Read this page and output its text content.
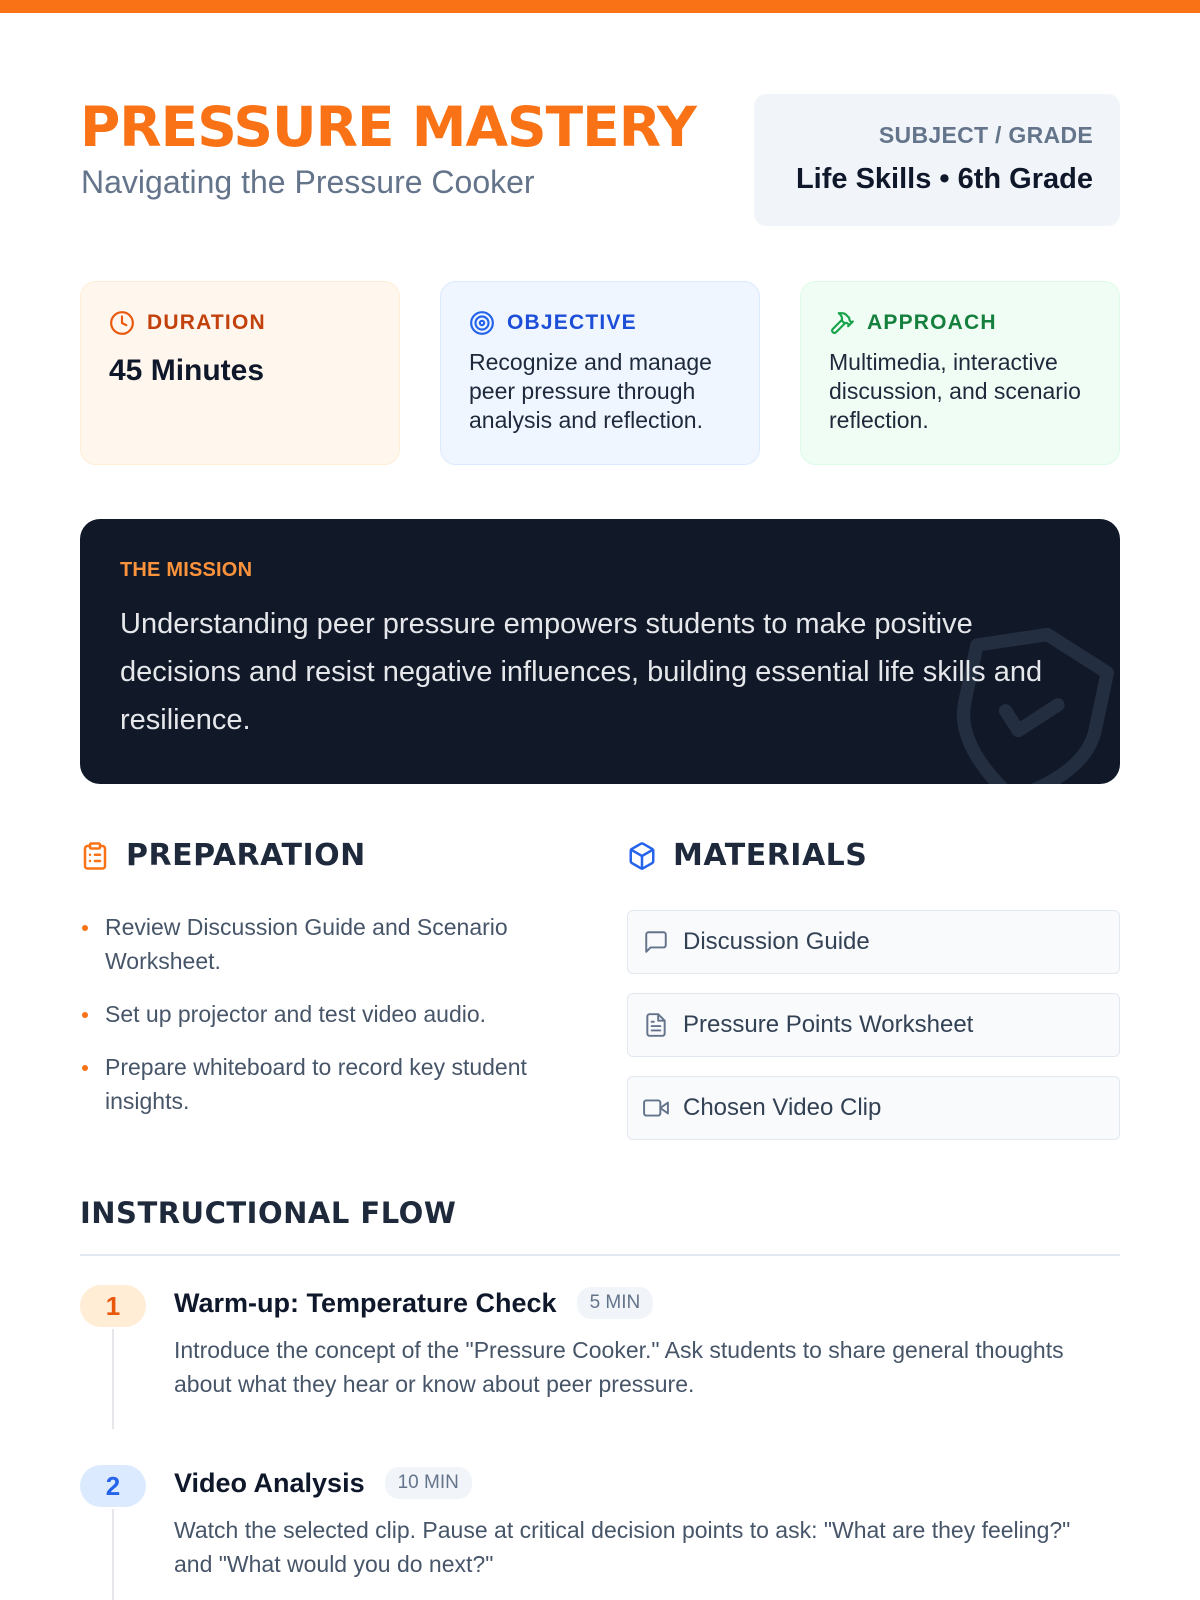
PRESSURE MASTERY
Navigating the Pressure Cooker
SUBJECT / GRADE
Life Skills • 6th Grade
DURATION
45 Minutes
OBJECTIVE
Recognize and manage peer pressure through analysis and reflection.
APPROACH
Multimedia, interactive discussion, and scenario reflection.
THE MISSION
Understanding peer pressure empowers students to make positive decisions and resist negative influences, building essential life skills and resilience.
PREPARATION
Review Discussion Guide and Scenario Worksheet.
Set up projector and test video audio.
Prepare whiteboard to record key student insights.
MATERIALS
Discussion Guide
Pressure Points Worksheet
Chosen Video Clip
INSTRUCTIONAL FLOW
1	Warm-up: Temperature Check	5 MIN
Introduce the concept of the "Pressure Cooker." Ask students to share general thoughts about what they hear or know about peer pressure.
2	Video Analysis	10 MIN
Watch the selected clip. Pause at critical decision points to ask: "What are they feeling?" and "What would you do next?"
